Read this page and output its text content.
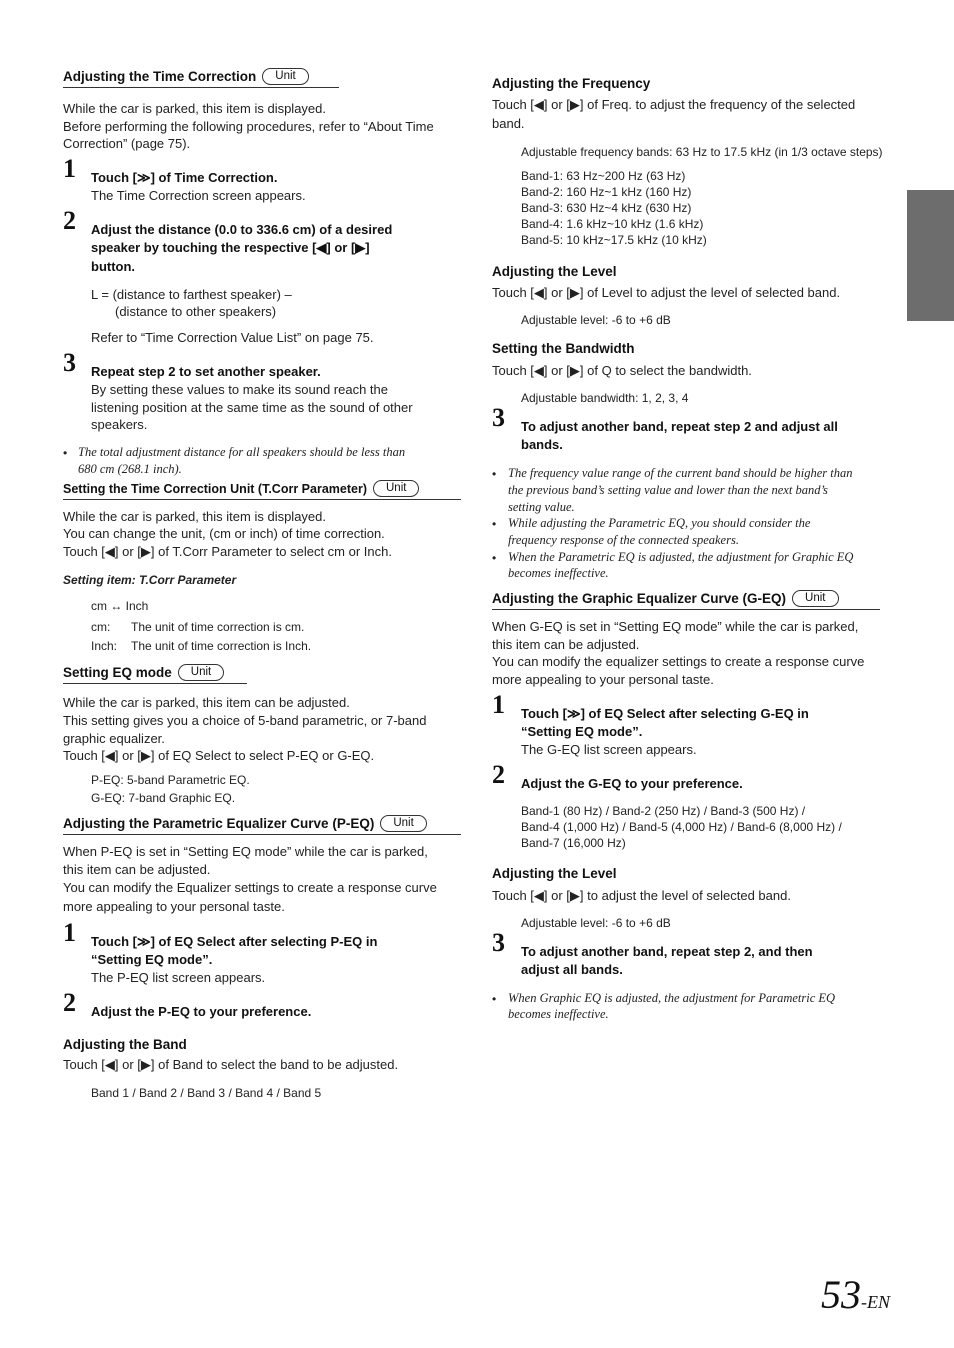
Adjusting the Time Correction Unit
While the car is parked, this item is displayed.
Before performing the following procedures, refer to “About Time
Correction” (page 75).
1 Touch [≫] of Time Correction.
The Time Correction screen appears.
2 Adjust the distance (0.0 to 336.6 cm) of a desired
speaker by touching the respective [◀] or [▶]
button.
L = (distance to farthest speaker) –
(distance to other speakers)
Refer to “Time Correction Value List” on page 75.
3 Repeat step 2 to set another speaker.
By setting these values to make its sound reach the
listening position at the same time as the sound of other
speakers.
• The total adjustment distance for all speakers should be less than
680 cm (268.1 inch).
Setting the Time Correction Unit (T.Corr Parameter) Unit
While the car is parked, this item is displayed.
You can change the unit, (cm or inch) of time correction.
Touch [◀] or [▶] of T.Corr Parameter to select cm or Inch.
Setting item: T.Corr Parameter
cm ↔ Inch
cm: The unit of time correction is cm.
Inch: The unit of time correction is Inch.
Setting EQ mode Unit
While the car is parked, this item can be adjusted.
This setting gives you a choice of 5-band parametric, or 7-band
graphic equalizer.
Touch [◀] or [▶] of EQ Select to select P-EQ or G-EQ.
P-EQ: 5-band Parametric EQ.
G-EQ: 7-band Graphic EQ.
Adjusting the Parametric Equalizer Curve (P-EQ) Unit
When P-EQ is set in “Setting EQ mode” while the car is parked,
this item can be adjusted.
You can modify the Equalizer settings to create a response curve
more appealing to your personal taste.
1 Touch [≫] of EQ Select after selecting P-EQ in
“Setting EQ mode”.
The P-EQ list screen appears.
2 Adjust the P-EQ to your preference.
Adjusting the Band
Touch [◀] or [▶] of Band to select the band to be adjusted.
Band 1 / Band 2 / Band 3 / Band 4 / Band 5
Adjusting the Frequency
Touch [◀] or [▶] of Freq. to adjust the frequency of the selected
band.
Adjustable frequency bands: 63 Hz to 17.5 kHz (in 1/3 octave steps)
Band-1: 63 Hz~200 Hz (63 Hz)
Band-2: 160 Hz~1 kHz (160 Hz)
Band-3: 630 Hz~4 kHz (630 Hz)
Band-4: 1.6 kHz~10 kHz (1.6 kHz)
Band-5: 10 kHz~17.5 kHz (10 kHz)
Adjusting the Level
Touch [◀] or [▶] of Level to adjust the level of selected band.
Adjustable level: -6 to +6 dB
Setting the Bandwidth
Touch [◀] or [▶] of Q to select the bandwidth.
Adjustable bandwidth: 1, 2, 3, 4
3 To adjust another band, repeat step 2 and adjust all
bands.
• The frequency value range of the current band should be higher than
the previous band’s setting value and lower than the next band’s
setting value.
• While adjusting the Parametric EQ, you should consider the
frequency response of the connected speakers.
• When the Parametric EQ is adjusted, the adjustment for Graphic EQ
becomes ineffective.
Adjusting the Graphic Equalizer Curve (G-EQ) Unit
When G-EQ is set in “Setting EQ mode” while the car is parked,
this item can be adjusted.
You can modify the equalizer settings to create a response curve
more appealing to your personal taste.
1 Touch [≫] of EQ Select after selecting G-EQ in
“Setting EQ mode”.
The G-EQ list screen appears.
2 Adjust the G-EQ to your preference.
Band-1 (80 Hz) / Band-2 (250 Hz) / Band-3 (500 Hz) /
Band-4 (1,000 Hz) / Band-5 (4,000 Hz) / Band-6 (8,000 Hz) /
Band-7 (16,000 Hz)
Adjusting the Level
Touch [◀] or [▶] to adjust the level of selected band.
Adjustable level: -6 to +6 dB
3 To adjust another band, repeat step 2, and then
adjust all bands.
• When Graphic EQ is adjusted, the adjustment for Parametric EQ
becomes ineffective.
53-EN
